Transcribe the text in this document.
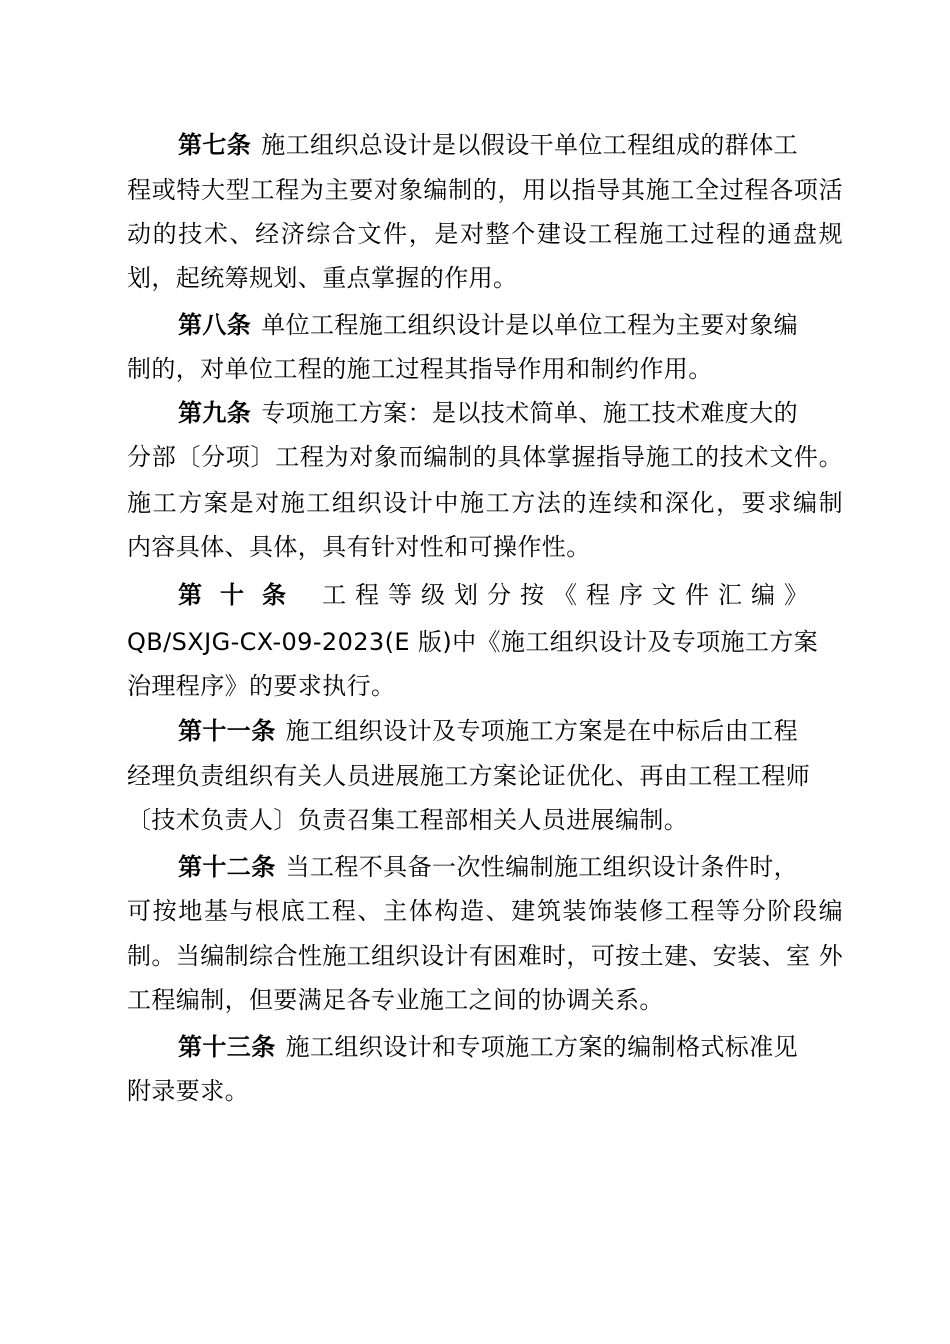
第七条 施工组织总设计是以假设干单位工程组成的群体工
程或特大型工程为主要对象编制的，用以指导其施工全过程各项活
动的技术、经济综合文件，是对整个建设工程施工过程的通盘规
划，起统筹规划、重点掌握的作用。
第八条 单位工程施工组织设计是以单位工程为主要对象编
制的，对单位工程的施工过程其指导作用和制约作用。
第九条 专项施工方案：是以技术简单、施工技术难度大的
分部〔分项〕工程为对象而编制的具体掌握指导施工的技术文件。
施工方案是对施工组织设计中施工方法的连续和深化，要求编制
内容具体、具体，具有针对性和可操作性。
第十条 工程等级划分按《程序文件汇编》
QB/SXJG-CX-09-2023(E 版)中《施工组织设计及专项施工方案
治理程序》的要求执行。
第十一条 施工组织设计及专项施工方案是在中标后由工程
经理负责组织有关人员进展施工方案论证优化、再由工程工程师
〔技术负责人〕负责召集工程部相关人员进展编制。
第十二条 当工程不具备一次性编制施工组织设计条件时，
可按地基与根底工程、主体构造、建筑装饰装修工程等分阶段编
制。当编制综合性施工组织设计有困难时，可按土建、安装、室 外
工程编制，但要满足各专业施工之间的协调关系。
第十三条 施工组织设计和专项施工方案的编制格式标准见
附录要求。
